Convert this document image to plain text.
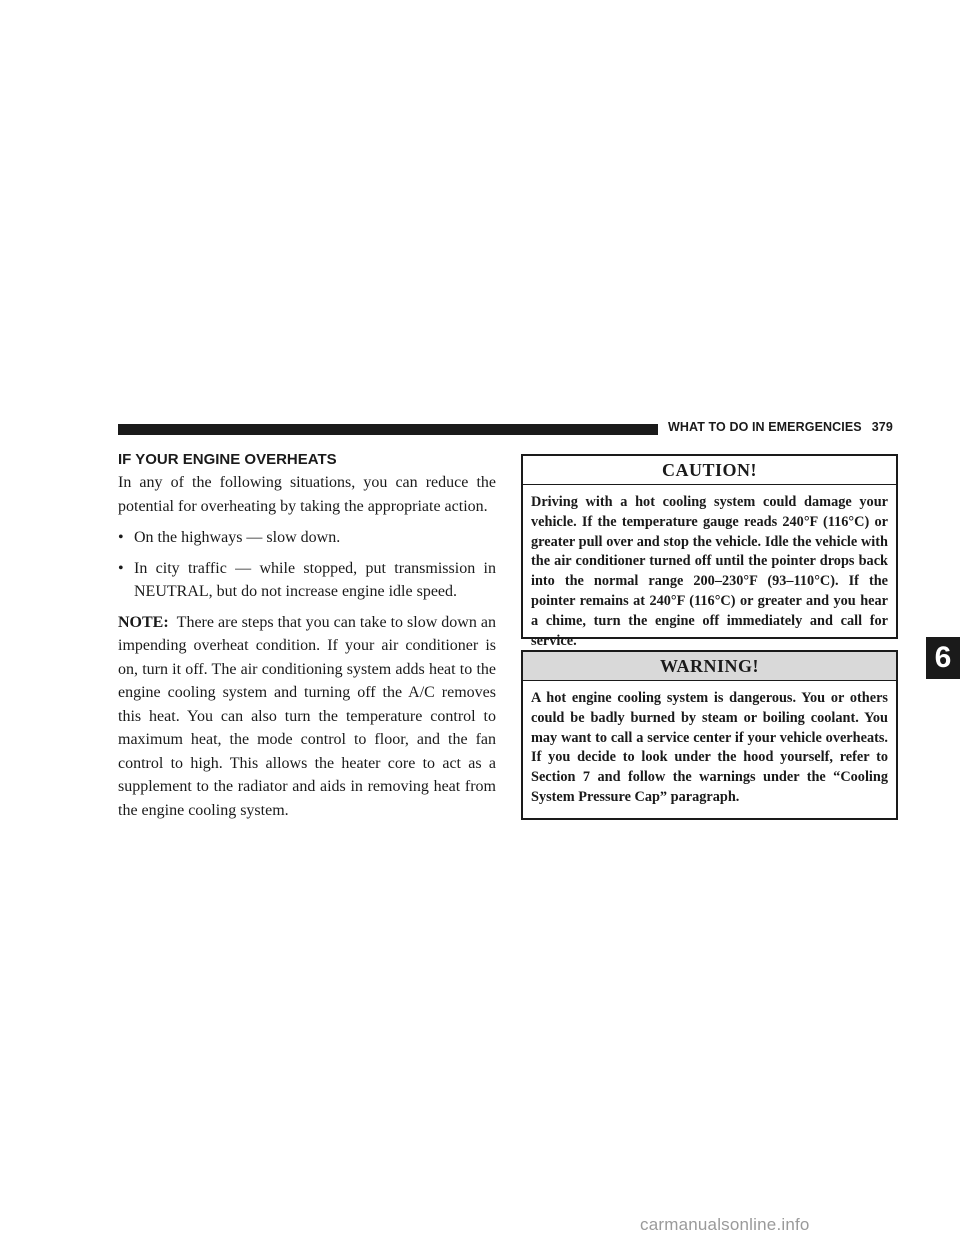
WHAT TO DO IN EMERGENCIES 379
IF YOUR ENGINE OVERHEATS

In any of the following situations, you can reduce the potential for overheating by taking the appropriate action.

• On the highways — slow down.
• In city traffic — while stopped, put transmission in NEUTRAL, but do not increase engine idle speed.

NOTE: There are steps that you can take to slow down an impending overheat condition. If your air conditioner is on, turn it off. The air conditioning system adds heat to the engine cooling system and turning off the A/C removes this heat. You can also turn the temperature control to maximum heat, the mode control to floor, and the fan control to high. This allows the heater core to act as a supplement to the radiator and aids in removing heat from the engine cooling system.

CAUTION!
Driving with a hot cooling system could damage your vehicle. If the temperature gauge reads 240°F (116°C) or greater pull over and stop the vehicle. Idle the vehicle with the air conditioner turned off until the pointer drops back into the normal range 200–230°F (93–110°C). If the pointer remains at 240°F (116°C) or greater and you hear a chime, turn the engine off immediately and call for service.
WARNING!
A hot engine cooling system is dangerous. You or others could be badly burned by steam or boiling coolant. You may want to call a service center if your vehicle overheats. If you decide to look under the hood yourself, refer to Section 7 and follow the warnings under the “Cooling System Pressure Cap” paragraph.
6
carmanualsonline.info
